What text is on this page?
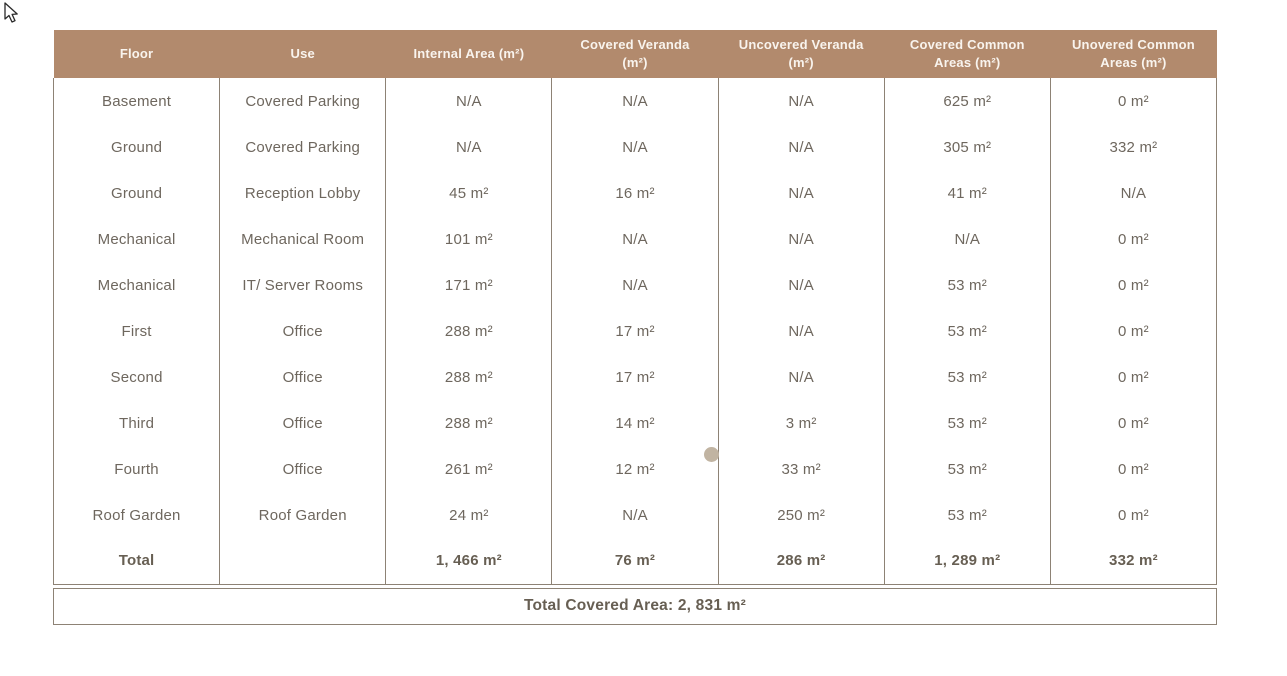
Floor	Use	Internal Area (m²)	Covered Veranda (m²)	Uncovered Veranda (m²)	Covered Common Areas (m²)	Unovered Common Areas (m²)
Basement	Covered Parking	N/A	N/A	N/A	625 m²	0 m²
Ground	Covered Parking	N/A	N/A	N/A	305 m²	332 m²
Ground	Reception Lobby	45 m²	16 m²	N/A	41 m²	N/A
Mechanical	Mechanical Room	101 m²	N/A	N/A	N/A	0 m²
Mechanical	IT/ Server Rooms	171 m²	N/A	N/A	53 m²	0 m²
First	Office	288 m²	17 m²	N/A	53 m²	0 m²
Second	Office	288 m²	17 m²	N/A	53 m²	0 m²
Third	Office	288 m²	14 m²	3 m²	53 m²	0 m²
Fourth	Office	261 m²	12 m²	33 m²	53 m²	0 m²
Roof Garden	Roof Garden	24 m²	N/A	250 m²	53 m²	0 m²
Total		1, 466 m²	76 m²	286 m²	1, 289 m²	332 m²
Total Covered Area: 2, 831 m²
